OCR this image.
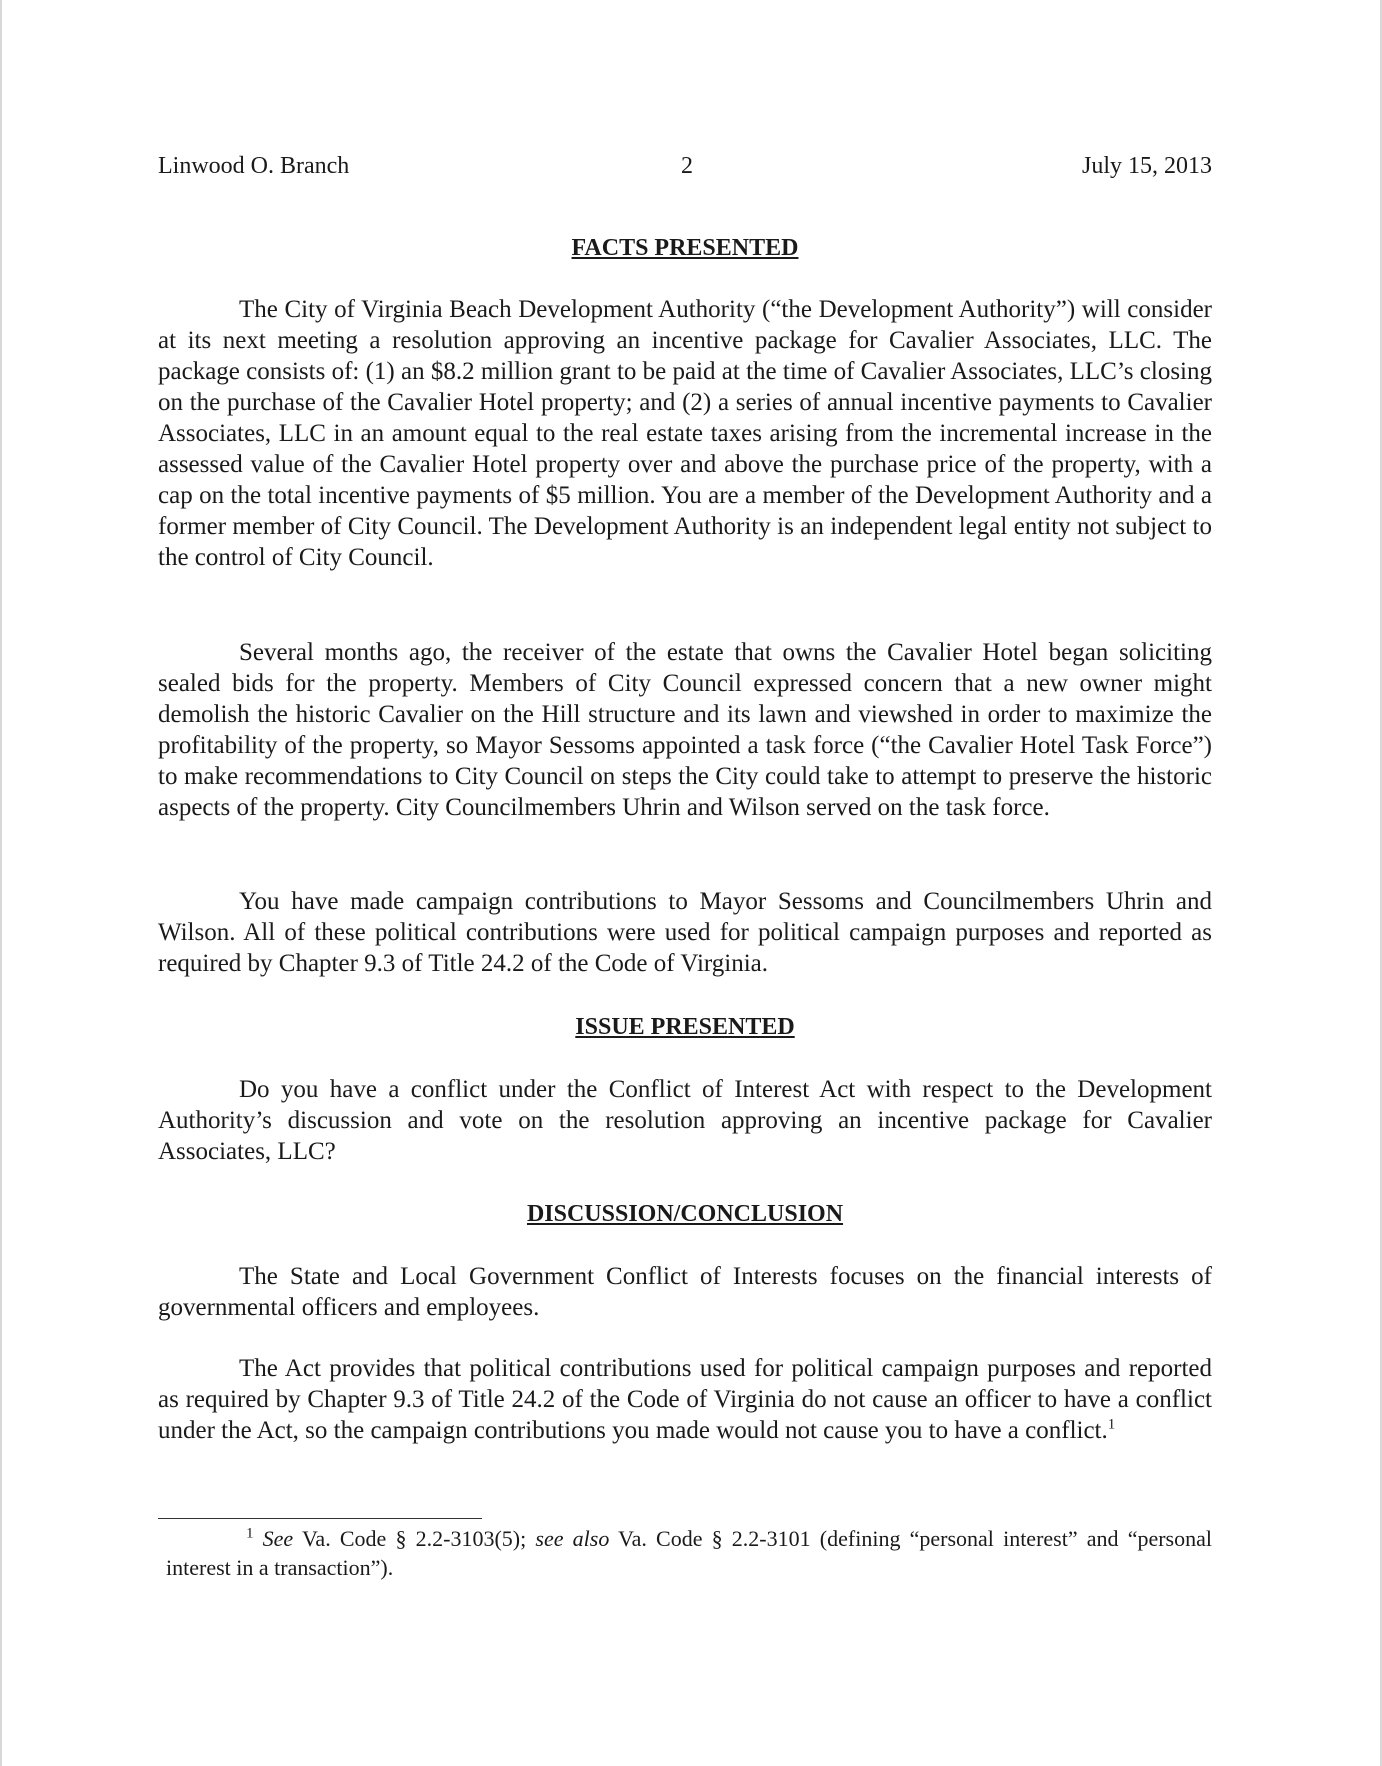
Linwood O. Branch	2	July 15, 2013
FACTS PRESENTED

The City of Virginia Beach Development Authority (“the Development Authority”) will consider at its next meeting a resolution approving an incentive package for Cavalier Associates, LLC. The package consists of: (1) an $8.2 million grant to be paid at the time of Cavalier Associates, LLC’s closing on the purchase of the Cavalier Hotel property; and (2) a series of annual incentive payments to Cavalier Associates, LLC in an amount equal to the real estate taxes arising from the incremental increase in the assessed value of the Cavalier Hotel property over and above the purchase price of the property, with a cap on the total incentive payments of $5 million. You are a member of the Development Authority and a former member of City Council. The Development Authority is an independent legal entity not subject to the control of City Council.

Several months ago, the receiver of the estate that owns the Cavalier Hotel began soliciting sealed bids for the property. Members of City Council expressed concern that a new owner might demolish the historic Cavalier on the Hill structure and its lawn and viewshed in order to maximize the profitability of the property, so Mayor Sessoms appointed a task force (“the Cavalier Hotel Task Force”) to make recommendations to City Council on steps the City could take to attempt to preserve the historic aspects of the property. City Councilmembers Uhrin and Wilson served on the task force.

You have made campaign contributions to Mayor Sessoms and Councilmembers Uhrin and Wilson. All of these political contributions were used for political campaign purposes and reported as required by Chapter 9.3 of Title 24.2 of the Code of Virginia.

ISSUE PRESENTED

Do you have a conflict under the Conflict of Interest Act with respect to the Development Authority’s discussion and vote on the resolution approving an incentive package for Cavalier Associates, LLC?

DISCUSSION/CONCLUSION

The State and Local Government Conflict of Interests focuses on the financial interests of governmental officers and employees.

The Act provides that political contributions used for political campaign purposes and reported as required by Chapter 9.3 of Title 24.2 of the Code of Virginia do not cause an officer to have a conflict under the Act, so the campaign contributions you made would not cause you to have a conflict.$^1$

$^1$ See Va. Code § 2.2-3103(5); see also Va. Code § 2.2-3101 (defining “personal interest” and “personal interest in a transaction”).
